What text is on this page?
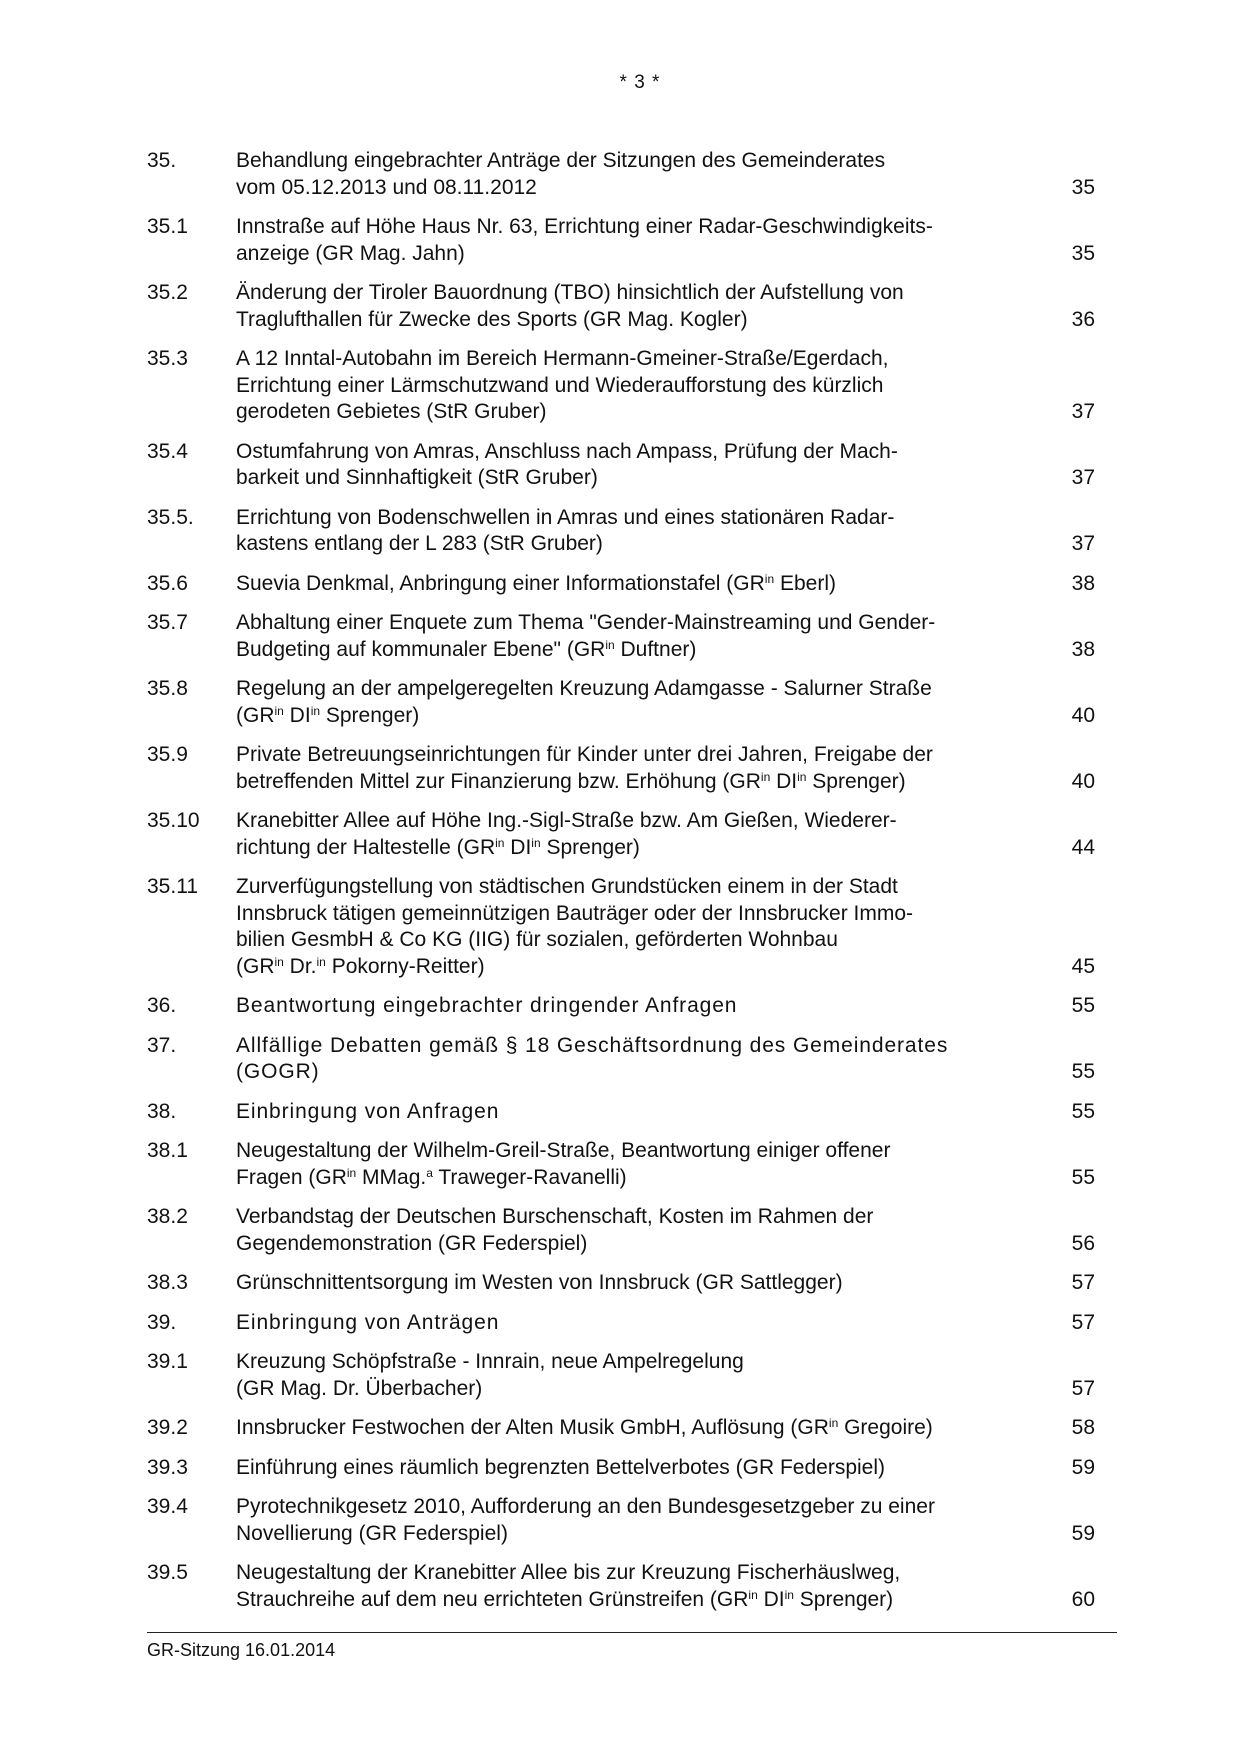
* 3 *
35.	Behandlung eingebrachter Anträge der Sitzungen des Gemeinderates
vom 05.12.2013 und 08.11.2012	35
35.1	Innstraße auf Höhe Haus Nr. 63, Errichtung einer Radar-Geschwindigkeits-
anzeige (GR Mag. Jahn)	35
35.2	Änderung der Tiroler Bauordnung (TBO) hinsichtlich der Aufstellung von
Traglufthallen für Zwecke des Sports (GR Mag. Kogler)	36
35.3	A 12 Inntal-Autobahn im Bereich Hermann-Gmeiner-Straße/Egerdach,
Errichtung einer Lärmschutzwand und Wiederaufforstung des kürzlich
gerodeten Gebietes (StR Gruber)	37
35.4	Ostumfahrung von Amras, Anschluss nach Ampass, Prüfung der Mach-
barkeit und Sinnhaftigkeit (StR Gruber)	37
35.5.	Errichtung von Bodenschwellen in Amras und eines stationären Radar-
kastens entlang der L 283 (StR Gruber)	37
35.6	Suevia Denkmal, Anbringung einer Informationstafel ($GR^{in}$ Eberl)	38
35.7	Abhaltung einer Enquete zum Thema "Gender-Mainstreaming und Gender-
Budgeting auf kommunaler Ebene" ($GR^{in}$ Duftner)	38
35.8	Regelung an der ampelgeregelten Kreuzung Adamgasse - Salurner Straße
($GR^{in}$ $DI^{in}$ Sprenger)	40
35.9	Private Betreuungseinrichtungen für Kinder unter drei Jahren, Freigabe der
betreffenden Mittel zur Finanzierung bzw. Erhöhung ($GR^{in}$ $DI^{in}$ Sprenger)	40
35.10	Kranebitter Allee auf Höhe Ing.-Sigl-Straße bzw. Am Gießen, Wiederer-
richtung der Haltestelle ($GR^{in}$ $DI^{in}$ Sprenger)	44
35.11	Zurverfügungstellung von städtischen Grundstücken einem in der Stadt
Innsbruck tätigen gemeinnützigen Bauträger oder der Innsbrucker Immo-
bilien GesmbH & Co KG (IIG) für sozialen, geförderten Wohnbau
($GR^{in}$ Dr.$^{in}$ Pokorny-Reitter)	45
36.	Beantwortung eingebrachter dringender Anfragen	55
37.	Allfällige Debatten gemäß § 18 Geschäftsordnung des Gemeinderates
(GOGR)	55
38.	Einbringung von Anfragen	55
38.1	Neugestaltung der Wilhelm-Greil-Straße, Beantwortung einiger offener
Fragen ($GR^{in}$ MMag.$^a$ Traweger-Ravanelli)	55
38.2	Verbandstag der Deutschen Burschenschaft, Kosten im Rahmen der
Gegendemonstration (GR Federspiel)	56
38.3	Grünschnittentsorgung im Westen von Innsbruck (GR Sattlegger)	57
39.	Einbringung von Anträgen	57
39.1	Kreuzung Schöpfstraße - Innrain, neue Ampelregelung
(GR Mag. Dr. Überbacher)	57
39.2	Innsbrucker Festwochen der Alten Musik GmbH, Auflösung ($GR^{in}$ Gregoire)	58
39.3	Einführung eines räumlich begrenzten Bettelverbotes (GR Federspiel)	59
39.4	Pyrotechnikgesetz 2010, Aufforderung an den Bundesgesetzgeber zu einer
Novellierung (GR Federspiel)	59
39.5	Neugestaltung der Kranebitter Allee bis zur Kreuzung Fischerhäuslweg,
Strauchreihe auf dem neu errichteten Grünstreifen ($GR^{in}$ $DI^{in}$ Sprenger)	60
GR-Sitzung 16.01.2014
